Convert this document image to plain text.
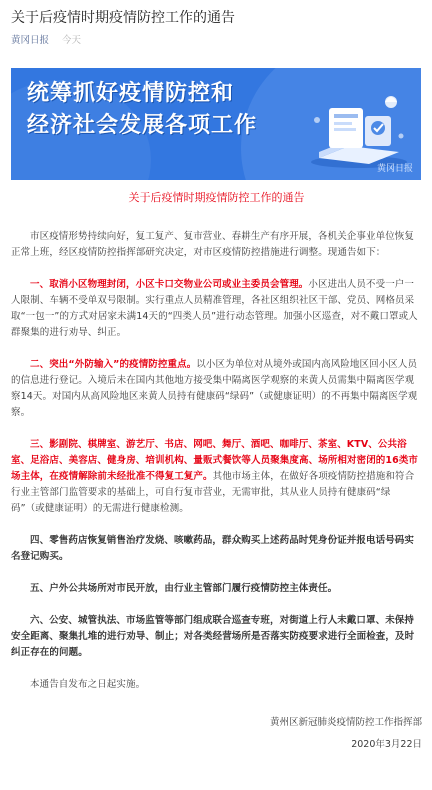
关于后疫情时期疫情防控工作的通告
黄冈日报 今天
统筹抓好疫情防控和
经济社会发展各项工作
黄冈日报
关于后疫情时期疫情防控工作的通告

市区疫情形势持续向好，复工复产、复市营业、春耕生产有序开展，各机关企事业单位恢复正常上班，经区疫情防控指挥部研究决定，对市区疫情防控措施进行调整。现通告如下：

一、取消小区物理封闭，小区卡口交物业公司或业主委员会管理。小区进出人员不受一户一人限制、车辆不受单双号限制。实行重点人员精准管理，各社区组织社区干部、党员、网格员采取“一包一”的方式对居家未满14天的“四类人员”进行动态管理。加强小区巡查，对不戴口罩或人群聚集的进行劝导、纠正。

二、突出“外防输入”的疫情防控重点。以小区为单位对从境外或国内高风险地区回小区人员的信息进行登记。入境后未在国内其他地方接受集中隔离医学观察的来黄人员需集中隔离医学观察14天。对国内从高风险地区来黄人员持有健康码“绿码”（或健康证明）的不再集中隔离医学观察。

三、影剧院、棋牌室、游艺厅、书店、网吧、舞厅、酒吧、咖啡厅、茶室、KTV、公共浴室、足浴店、美容店、健身房、培训机构、量贩式餐饮等人员聚集度高、场所相对密闭的16类市场主体，在疫情解除前未经批准不得复工复产。其他市场主体，在做好各项疫情防控措施和符合行业主管部门监管要求的基础上，可自行复市营业，无需审批，其从业人员持有健康码“绿码”（或健康证明）的无需进行健康检测。

四、零售药店恢复销售治疗发烧、咳嗽药品，群众购买上述药品时凭身份证并报电话号码实名登记购买。

五、户外公共场所对市民开放，由行业主管部门履行疫情防控主体责任。

六、公安、城管执法、市场监管等部门组成联合巡查专班，对街道上行人未戴口罩、未保持安全距离、聚集扎堆的进行劝导、制止；对各类经营场所是否落实防疫要求进行全面检查，及时纠正存在的问题。

本通告自发布之日起实施。

黄州区新冠肺炎疫情防控工作指挥部
2020年3月22日
